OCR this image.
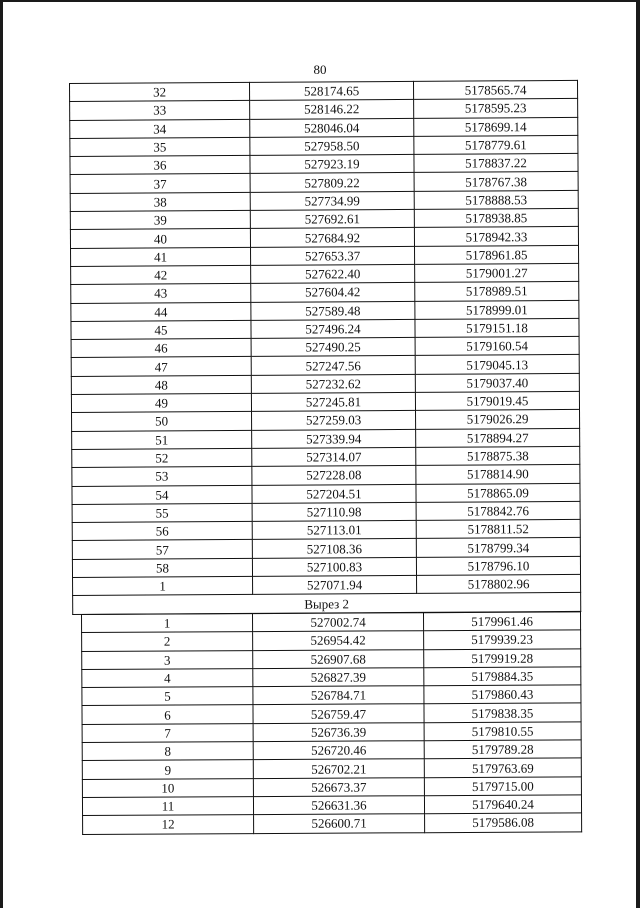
80
32	528174.65	5178565.74
33	528146.22	5178595.23
34	528046.04	5178699.14
35	527958.50	5178779.61
36	527923.19	5178837.22
37	527809.22	5178767.38
38	527734.99	5178888.53
39	527692.61	5178938.85
40	527684.92	5178942.33
41	527653.37	5178961.85
42	527622.40	5179001.27
43	527604.42	5178989.51
44	527589.48	5178999.01
45	527496.24	5179151.18
46	527490.25	5179160.54
47	527247.56	5179045.13
48	527232.62	5179037.40
49	527245.81	5179019.45
50	527259.03	5179026.29
51	527339.94	5178894.27
52	527314.07	5178875.38
53	527228.08	5178814.90
54	527204.51	5178865.09
55	527110.98	5178842.76
56	527113.01	5178811.52
57	527108.36	5178799.34
58	527100.83	5178796.10
1	527071.94	5178802.96
Вырез 2		
1	527002.74	5179961.46
2	526954.42	5179939.23
3	526907.68	5179919.28
4	526827.39	5179884.35
5	526784.71	5179860.43
6	526759.47	5179838.35
7	526736.39	5179810.55
8	526720.46	5179789.28
9	526702.21	5179763.69
10	526673.37	5179715.00
11	526631.36	5179640.24
12	526600.71	5179586.08
